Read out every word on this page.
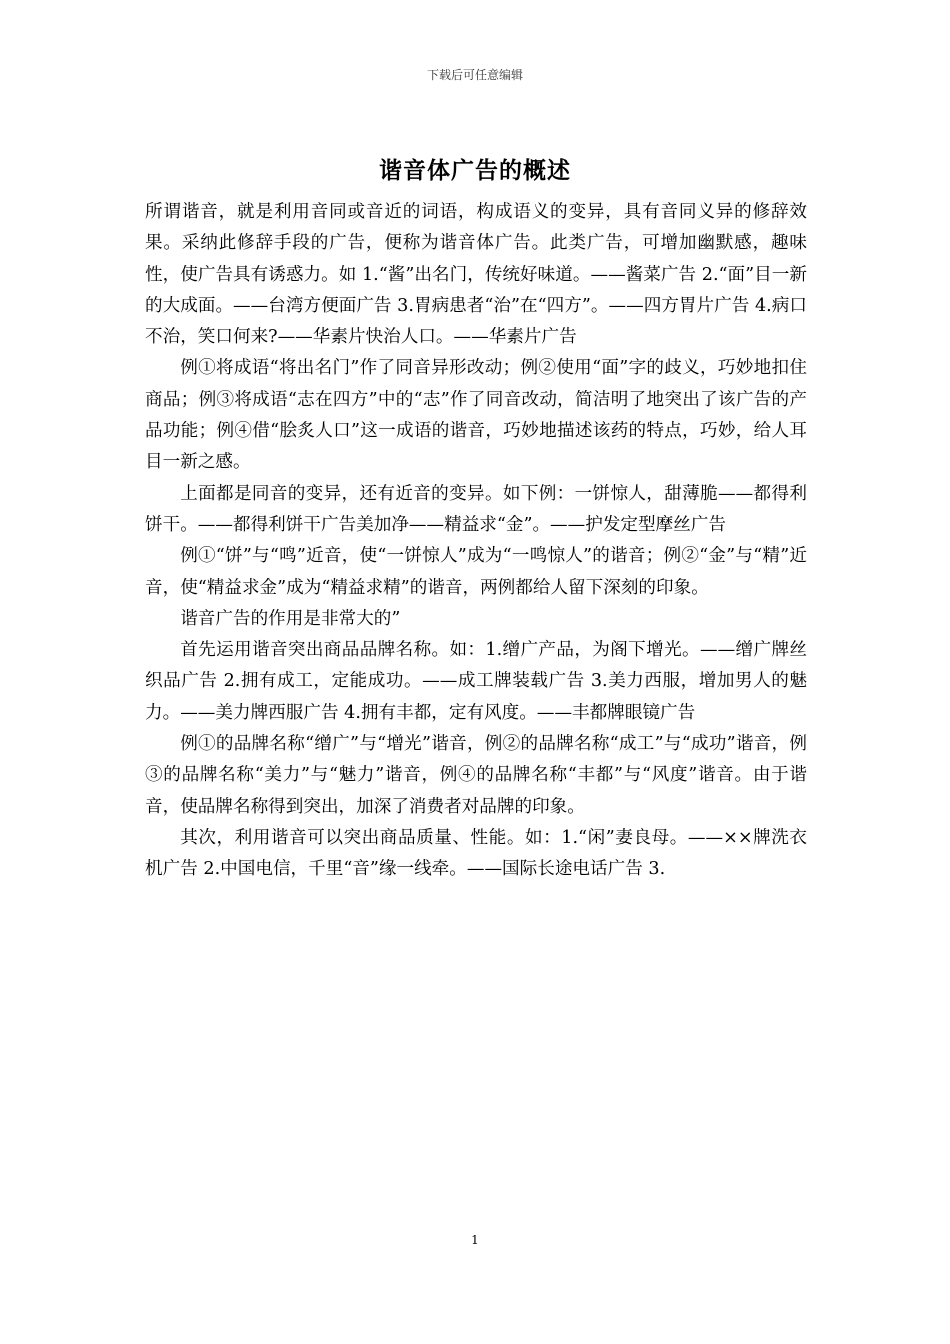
下载后可任意编辑
谐音体广告的概述

所谓谐音，就是利用音同或音近的词语，构成语义的变异，具有音同义异的修辞效果。采纳此修辞手段的广告，便称为谐音体广告。此类广告，可增加幽默感，趣味性，使广告具有诱惑力。如 1.“酱”出名门，传统好味道。——酱菜广告 2.“面”目一新的大成面。——台湾方便面广告 3.胃病患者“治”在“四方”。——四方胃片广告 4.病口不治，笑口何来?——华素片快治人口。——华素片广告

例①将成语“将出名门”作了同音异形改动；例②使用“面”字的歧义，巧妙地扣住商品；例③将成语“志在四方”中的“志”作了同音改动，简洁明了地突出了该广告的产品功能；例④借“脍炙人口”这一成语的谐音，巧妙地描述该药的特点，巧妙，给人耳目一新之感。

上面都是同音的变异，还有近音的变异。如下例：一饼惊人，甜薄脆——都得利饼干。——都得利饼干广告美加净——精益求“金”。——护发定型摩丝广告

例①“饼”与“鸣”近音，使“一饼惊人”成为“一鸣惊人”的谐音；例②“金”与“精”近音，使“精益求金”成为“精益求精”的谐音，两例都给人留下深刻的印象。

谐音广告的作用是非常大的”

首先运用谐音突出商品品牌名称。如：1.缯广产品，为阁下增光。——缯广牌丝织品广告 2.拥有成工，定能成功。——成工牌装载广告 3.美力西服，增加男人的魅力。——美力牌西服广告 4.拥有丰都，定有风度。——丰都牌眼镜广告

例①的品牌名称“缯广”与“增光”谐音，例②的品牌名称“成工”与“成功”谐音，例③的品牌名称“美力”与“魅力”谐音，例④的品牌名称“丰都”与“风度”谐音。由于谐音，使品牌名称得到突出，加深了消费者对品牌的印象。

其次，利用谐音可以突出商品质量、性能。如：1.“闲”妻良母。——××牌洗衣机广告 2.中国电信，千里“音”缘一线牵。——国际长途电话广告 3.

1
